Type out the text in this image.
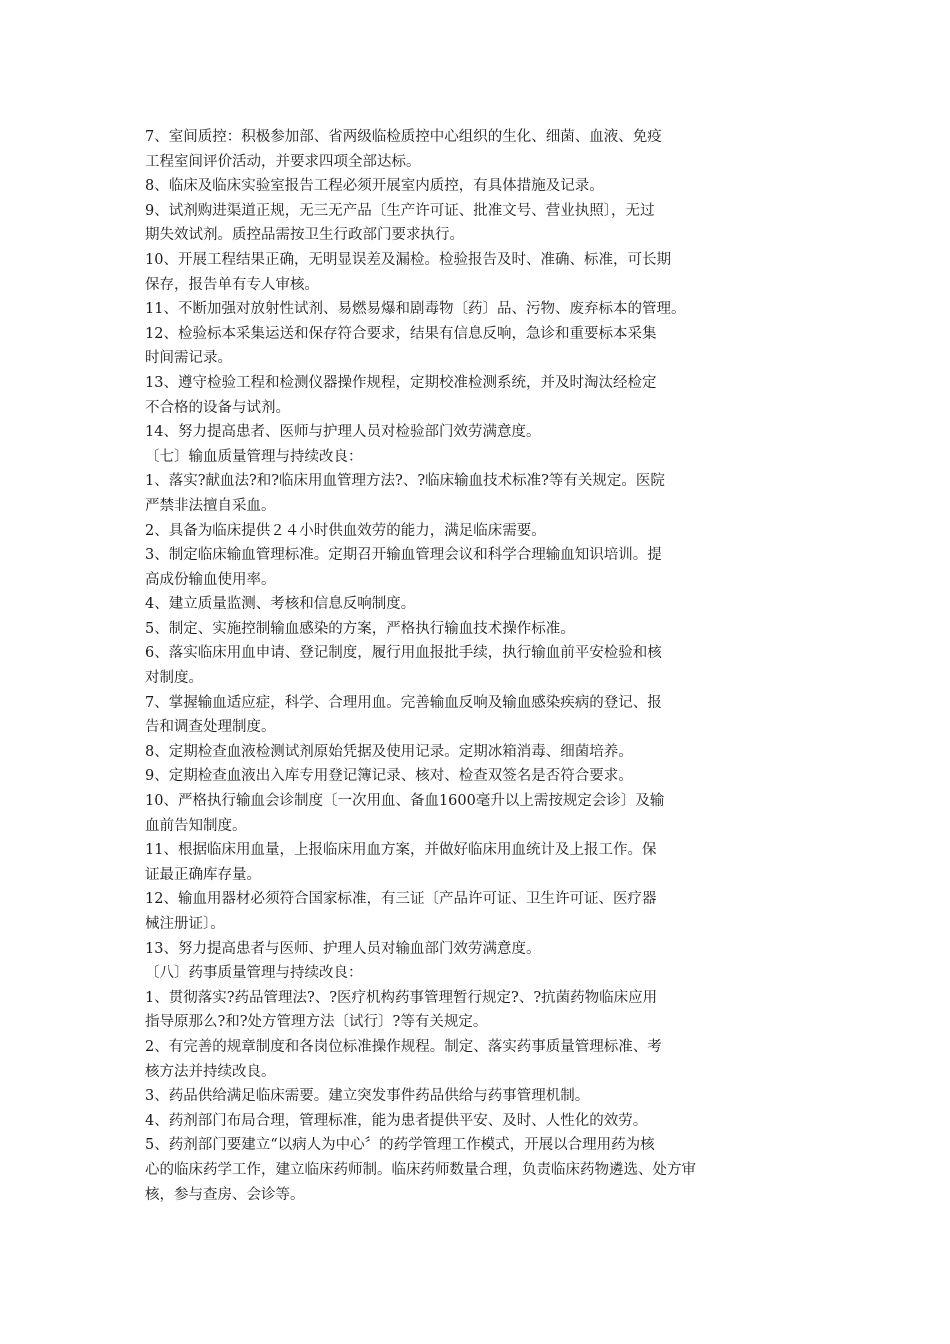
7、室间质控：积极参加部、省两级临检质控中心组织的生化、细菌、血液、免疫

工程室间评价活动，并要求四项全部达标。

8、临床及临床实验室报告工程必须开展室内质控，有具体措施及记录。

9、试剂购进渠道正规，无三无产品〔生产许可证、批准文号、营业执照〕，无过

期失效试剂。质控品需按卫生行政部门要求执行。

10、开展工程结果正确，无明显误差及漏检。检验报告及时、准确、标准，可长期

保存，报告单有专人审核。

11、不断加强对放射性试剂、易燃易爆和剧毒物〔药〕品、污物、废弃标本的管理。

12、检验标本采集运送和保存符合要求，结果有信息反响，急诊和重要标本采集

时间需记录。

13、遵守检验工程和检测仪器操作规程，定期校准检测系统，并及时淘汰经检定

不合格的设备与试剂。

14、努力提高患者、医师与护理人员对检验部门效劳满意度。

〔七〕输血质量管理与持续改良：

1、落实?献血法?和?临床用血管理方法?、?临床输血技术标准?等有关规定。医院

严禁非法擅自采血。

2、具备为临床提供２４小时供血效劳的能力，满足临床需要。

3、制定临床输血管理标准。定期召开输血管理会议和科学合理输血知识培训。提

高成份输血使用率。

4、建立质量监测、考核和信息反响制度。

5、制定、实施控制输血感染的方案，严格执行输血技术操作标准。

6、落实临床用血申请、登记制度，履行用血报批手续，执行输血前平安检验和核

对制度。

7、掌握输血适应症，科学、合理用血。完善输血反响及输血感染疾病的登记、报

告和调查处理制度。

8、定期检查血液检测试剂原始凭据及使用记录。定期冰箱消毒、细菌培养。

9、定期检查血液出入库专用登记簿记录、核对、检查双签名是否符合要求。

10、严格执行输血会诊制度〔一次用血、备血1600毫升以上需按规定会诊〕及输

血前告知制度。

11、根据临床用血量，上报临床用血方案，并做好临床用血统计及上报工作。保

证最正确库存量。

12、输血用器材必须符合国家标准，有三证〔产品许可证、卫生许可证、医疗器

械注册证〕。

13、努力提高患者与医师、护理人员对输血部门效劳满意度。

〔八〕药事质量管理与持续改良：

1、贯彻落实?药品管理法?、?医疗机构药事管理暂行规定?、?抗菌药物临床应用

指导原那么?和?处方管理方法〔试行〕?等有关规定。

2、有完善的规章制度和各岗位标准操作规程。制定、落实药事质量管理标准、考

核方法并持续改良。

3、药品供给满足临床需要。建立突发事件药品供给与药事管理机制。

4、药剂部门布局合理，管理标准，能为患者提供平安、及时、人性化的效劳。

5、药剂部门要建立“以病人为中心〞的药学管理工作模式，开展以合理用药为核

心的临床药学工作，建立临床药师制。临床药师数量合理，负责临床药物遴选、处方审

核，参与查房、会诊等。
